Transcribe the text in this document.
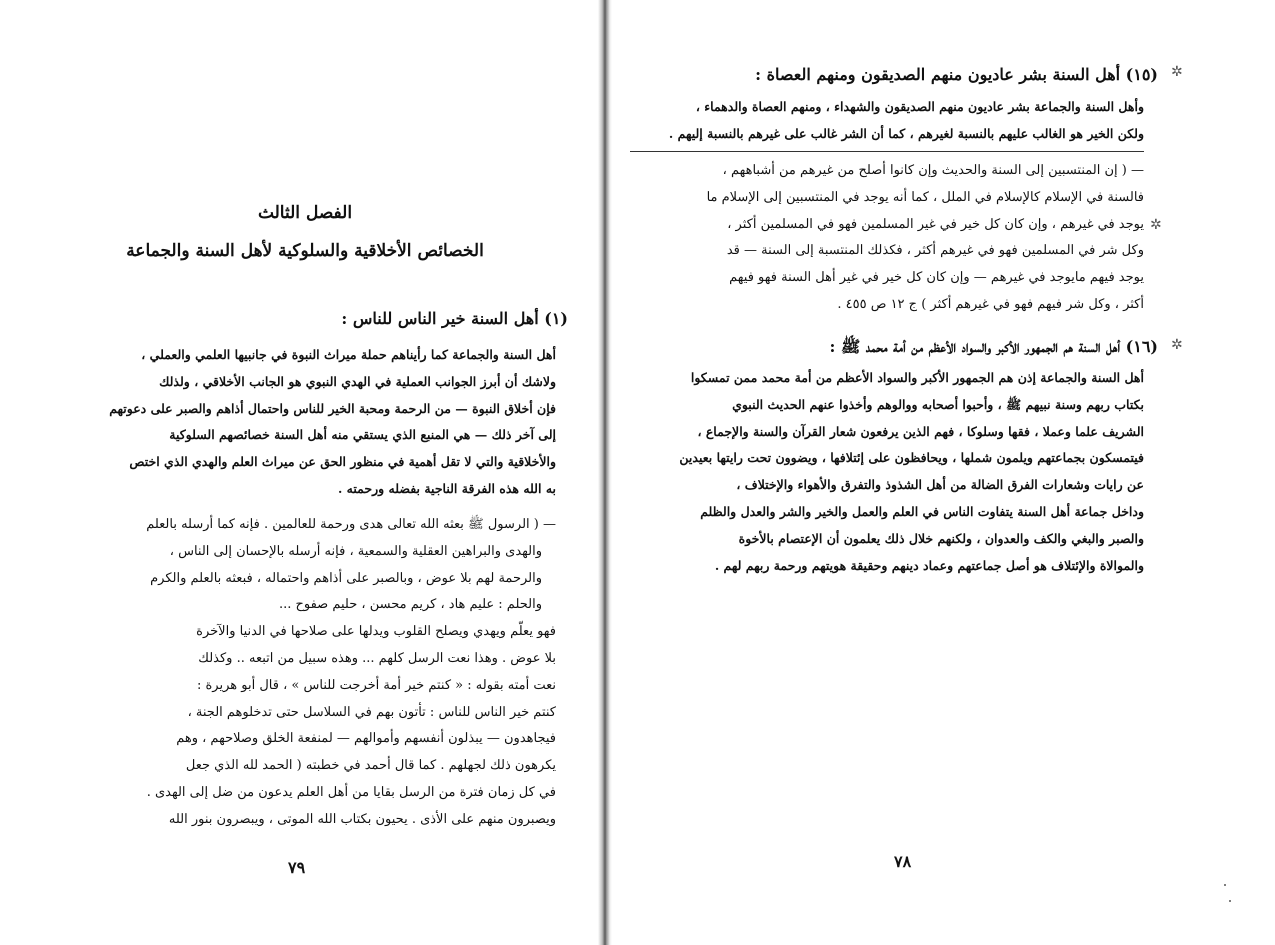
الفصل الثالث
الخصائص الأخلاقية والسلوكية لأهل السنة والجماعة
(١) أهل السنة خير الناس للناس :
أهل السنة والجماعة كما رأيناهم حملة ميراث النبوة في جانبيها العلمي والعملي ،
ولاشك أن أبرز الجوانب العملية في الهدي النبوي هو الجانب الأخلاقي ، ولذلك
فإن أخلاق النبوة — من الرحمة ومحبة الخير للناس واحتمال أذاهم والصبر على دعوتهم
إلى آخر ذلك — هي المنبع الذي يستقي منه أهل السنة خصائصهم السلوكية
والأخلاقية والتي لا تقل أهمية في منظور الحق عن ميراث العلم والهدي الذي اختص
به الله هذه الفرقة الناجية بفضله ورحمته .
— ( الرسول ﷺ بعثه الله تعالى هدى ورحمة للعالمين . فإنه كما أرسله بالعلم
والهدى والبراهين العقلية والسمعية ، فإنه أرسله بالإحسان إلى الناس ،
والرحمة لهم بلا عوض ، وبالصبر على أذاهم واحتماله ، فبعثه بالعلم والكرم
والحلم : عليم هاد ، كريم محسن ، حليم صفوح ...
فهو يعلّم ويهدي ويصلح القلوب ويدلها على صلاحها في الدنيا والآخرة
بلا عوض . وهذا نعت الرسل كلهم ... وهذه سبيل من اتبعه .. وكذلك
نعت أمته بقوله : « كنتم خير أمة أخرجت للناس » ، قال أبو هريرة :
كنتم خير الناس للناس : تأتون بهم في السلاسل حتى تدخلوهم الجنة ،
فيجاهدون — يبذلون أنفسهم وأموالهم — لمنفعة الخلق وصلاحهم ، وهم
يكرهون ذلك لجهلهم . كما قال أحمد في خطبته ( الحمد لله الذي جعل
في كل زمان فترة من الرسل بقايا من أهل العلم يدعون من ضل إلى الهدى .
ويصبرون منهم على الأذى . يحيون بكتاب الله الموتى ، ويبصرون بنور الله
٧٩
✲
✲
✲
(١٥) أهل السنة بشر عاديون منهم الصديقون ومنهم العصاة :
وأهل السنة والجماعة بشر عاديون منهم الصديقون والشهداء ، ومنهم العصاة والدهماء ،
ولكن الخير هو الغالب عليهم بالنسبة لغيرهم ، كما أن الشر غالب على غيرهم بالنسبة إليهم .
— ( إن المنتسبين إلى السنة والحديث وإن كانوا أصلح من غيرهم من أشباههم ،
فالسنة في الإسلام كالإسلام في الملل ، كما أنه يوجد في المنتسبين إلى الإسلام ما
يوجد في غيرهم ، وإن كان كل خير في غير المسلمين فهو في المسلمين أكثر ،
وكل شر في المسلمين فهو في غيرهم أكثر ، فكذلك المنتسبة إلى السنة — قد
يوجد فيهم مايوجد في غيرهم — وإن كان كل خير في غير أهل السنة فهو فيهم
أكثر ، وكل شر فيهم فهو في غيرهم أكثر ) ج ١٢ ص ٤٥٥ .
(١٦) أهل السنة هم الجمهور الأكبر والسواد الأعظم من أمة محمد ﷺ :
أهل السنة والجماعة إذن هم الجمهور الأكبر والسواد الأعظم من أمة محمد ممن تمسكوا
بكتاب ربهم وسنة نبيهم ﷺ ، وأحبوا أصحابه ووالوهم وأخذوا عنهم الحديث النبوي
الشريف علما وعملا ، فقها وسلوكا ، فهم الذين يرفعون شعار القرآن والسنة والإجماع ،
فيتمسكون بجماعتهم ويلمون شملها ، ويحافظون على إئتلافها ، ويضوون تحت رايتها بعيدين
عن رايات وشعارات الفرق الضالة من أهل الشذوذ والتفرق والأهواء والإختلاف ،
وداخل جماعة أهل السنة يتفاوت الناس في العلم والعمل والخير والشر والعدل والظلم
والصبر والبغي والكف والعدوان ، ولكنهم خلال ذلك يعلمون أن الإعتصام بالأخوة
والموالاة والإئتلاف هو أصل جماعتهم وعماد دينهم وحقيقة هويتهم ورحمة ربهم لهم .
٧٨
